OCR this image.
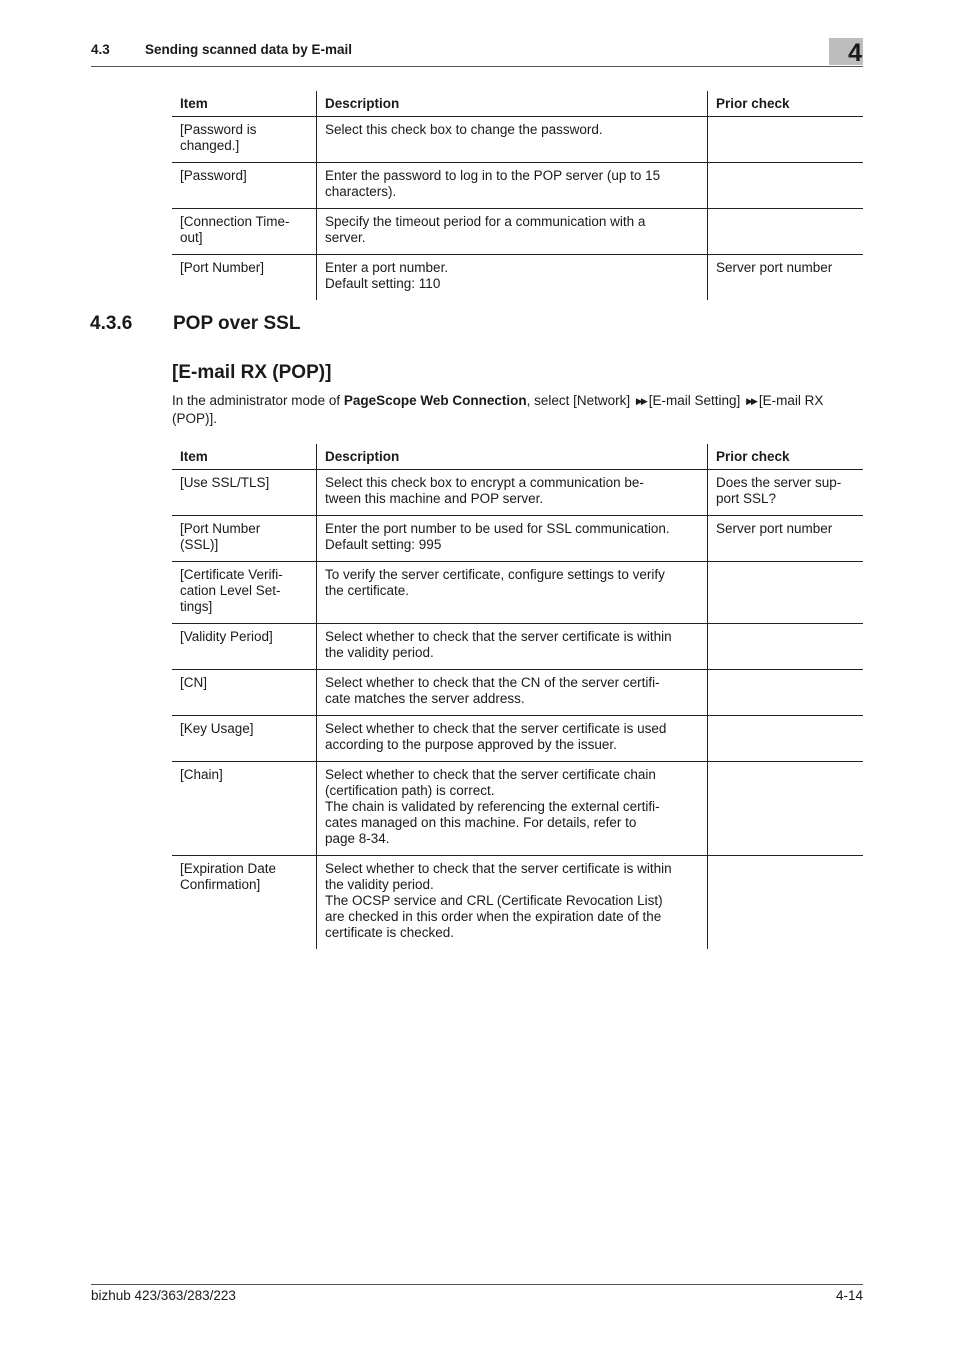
4.3	Sending scanned data by E-mail	4
Item	Description	Prior check

[Password is
changed.]	Select this check box to change the password.	

[Password]	Enter the password to log in to the POP server (up to 15
characters).	

[Connection Time-
out]	Specify the timeout period for a communication with a
server.	

[Port Number]	Enter a port number.
Default setting: 110	Server port number
4.3.6 POP over SSL
[E-mail RX (POP)]
In the administrator mode of PageScope Web Connection, select [Network] ▶▶ [E-mail Setting] ▶▶ [E-mail RX (POP)].
Item	Description	Prior check

[Use SSL/TLS]	Select this check box to encrypt a communication be-
tween this machine and POP server.	Does the server sup-
port SSL?

[Port Number
(SSL)]	Enter the port number to be used for SSL communication.
Default setting: 995	Server port number

[Certificate Verifi-
cation Level Set-
tings]	To verify the server certificate, configure settings to verify
the certificate.	

[Validity Period]	Select whether to check that the server certificate is within
the validity period.	

[CN]	Select whether to check that the CN of the server certifi-
cate matches the server address.	

[Key Usage]	Select whether to check that the server certificate is used
according to the purpose approved by the issuer.	

[Chain]	Select whether to check that the server certificate chain
(certification path) is correct.
The chain is validated by referencing the external certifi-
cates managed on this machine. For details, refer to
page 8-34.	

[Expiration Date
Confirmation]	Select whether to check that the server certificate is within
the validity period.
The OCSP service and CRL (Certificate Revocation List)
are checked in this order when the expiration date of the
certificate is checked.	

bizhub 423/363/283/223	4-14
